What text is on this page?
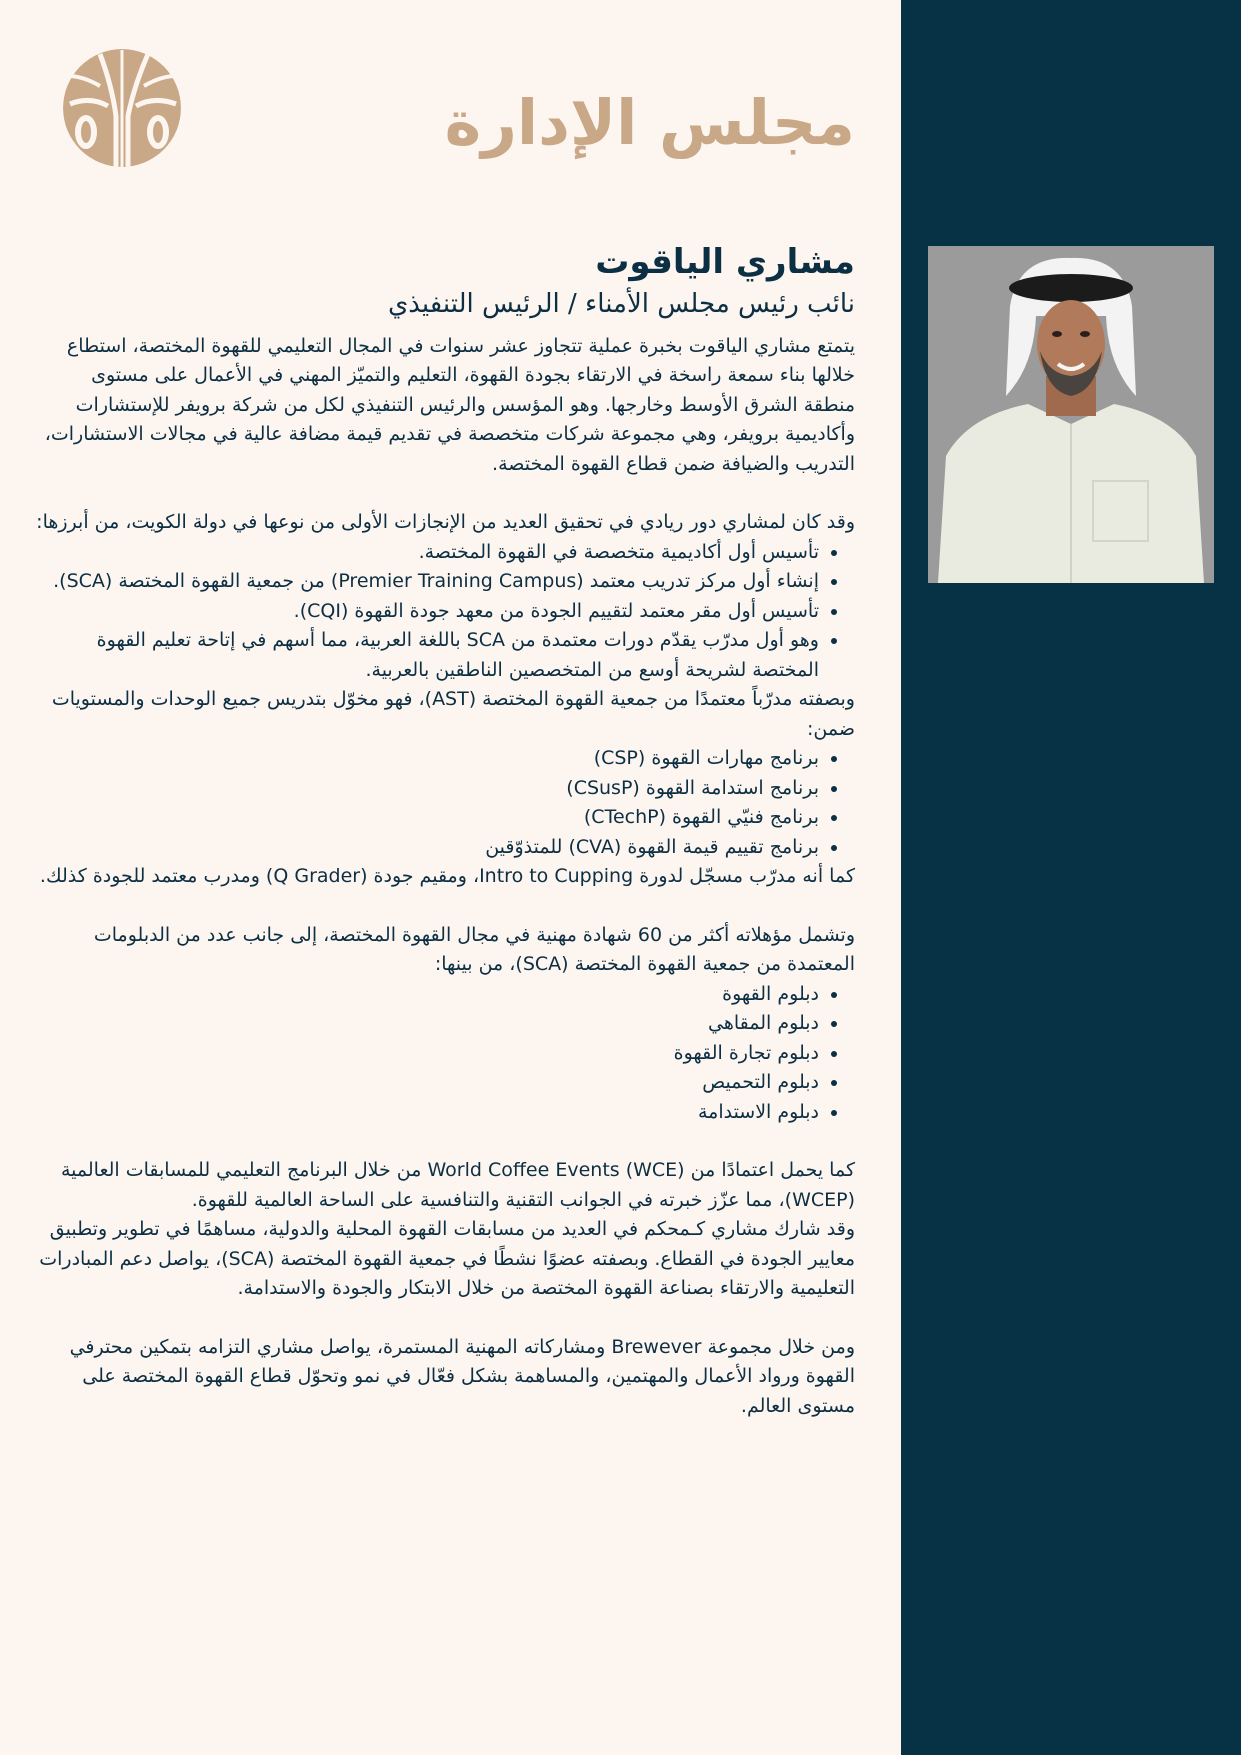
مجلس الإدارة
مشاري الياقوت
نائب رئيس مجلس الأمناء / الرئيس التنفيذي

يتمتع مشاري الياقوت بخبرة عملية تتجاوز عشر سنوات في المجال التعليمي للقهوة المختصة، استطاع خلالها بناء سمعة راسخة في الارتقاء بجودة القهوة، التعليم والتميّز المهني في الأعمال على مستوى منطقة الشرق الأوسط وخارجها. وهو المؤسس والرئيس التنفيذي لكل من شركة برويفر للإستشارات وأكاديمية برويفر، وهي مجموعة شركات متخصصة في تقديم قيمة مضافة عالية في مجالات الاستشارات، التدريب والضيافة ضمن قطاع القهوة المختصة.

وقد كان لمشاري دور ريادي في تحقيق العديد من الإنجازات الأولى من نوعها في دولة الكويت، من أبرزها:

• تأسيس أول أكاديمية متخصصة في القهوة المختصة.
• إنشاء أول مركز تدريب معتمد (Premier Training Campus) من جمعية القهوة المختصة (SCA).
• تأسيس أول مقر معتمد لتقييم الجودة من معهد جودة القهوة (CQI).
• وهو أول مدرّب يقدّم دورات معتمدة من SCA باللغة العربية، مما أسهم في إتاحة تعليم القهوة المختصة لشريحة أوسع من المتخصصين الناطقين بالعربية.

وبصفته مدرّباً معتمدًا من جمعية القهوة المختصة (AST)، فهو مخوّل بتدريس جميع الوحدات والمستويات ضمن:

• برنامج مهارات القهوة (CSP)
• برنامج استدامة القهوة (CSusP)
• برنامج فنيّي القهوة (CTechP)
• برنامج تقييم قيمة القهوة (CVA) للمتذوّقين

كما أنه مدرّب مسجّل لدورة Intro to Cupping، ومقيم جودة (Q Grader) ومدرب معتمد للجودة كذلك.

وتشمل مؤهلاته أكثر من 60 شهادة مهنية في مجال القهوة المختصة، إلى جانب عدد من الدبلومات المعتمدة من جمعية القهوة المختصة (SCA)، من بينها:

• دبلوم القهوة
• دبلوم المقاهي
• دبلوم تجارة القهوة
• دبلوم التحميص
• دبلوم الاستدامة

كما يحمل اعتمادًا من World Coffee Events (WCE) من خلال البرنامج التعليمي للمسابقات العالمية (WCEP)، مما عزّز خبرته في الجوانب التقنية والتنافسية على الساحة العالمية للقهوة.

وقد شارك مشاري كـمحكم في العديد من مسابقات القهوة المحلية والدولية، مساهمًا في تطوير وتطبيق معايير الجودة في القطاع. وبصفته عضوًا نشطًا في جمعية القهوة المختصة (SCA)، يواصل دعم المبادرات التعليمية والارتقاء بصناعة القهوة المختصة من خلال الابتكار والجودة والاستدامة.

ومن خلال مجموعة Brewever ومشاركاته المهنية المستمرة، يواصل مشاري التزامه بتمكين محترفي القهوة ورواد الأعمال والمهتمين، والمساهمة بشكل فعّال في نمو وتحوّل قطاع القهوة المختصة على مستوى العالم.
